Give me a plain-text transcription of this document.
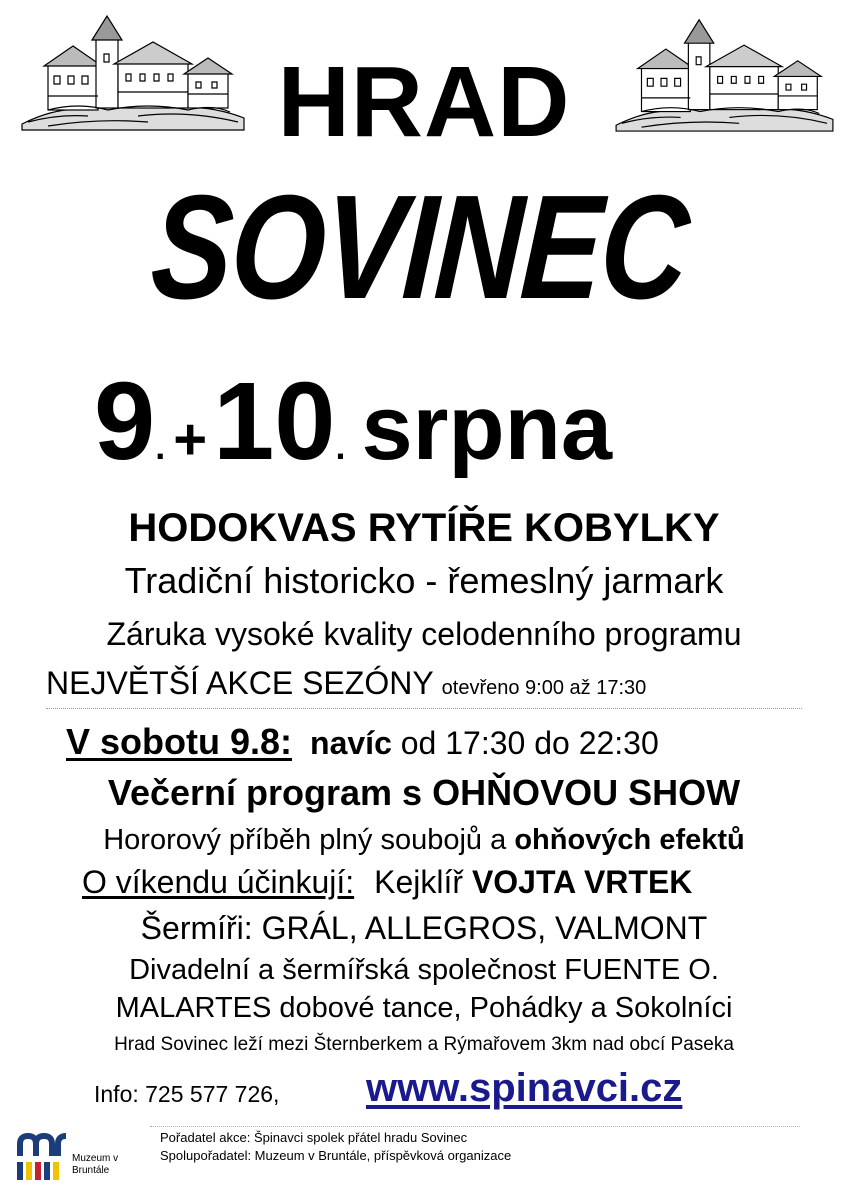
HRAD
SOVINEC
9. +10. srpna
HODOKVAS RYTÍŘE KOBYLKY
Tradiční historicko - řemeslný jarmark
Záruka vysoké kvality celodenního programu
NEJVĚTŠÍ AKCE SEZÓNY otevřeno 9:00 až 17:30
V sobotu 9.8: navíc od 17:30 do 22:30
Večerní program s OHŇOVOU SHOW
Hororový příběh plný soubojů a ohňových efektů
O víkendu účinkují: Kejklíř VOJTA VRTEK
Šermíři: GRÁL, ALLEGROS, VALMONT
Divadelní a šermířská společnost FUENTE O.
MALARTES dobové tance, Pohádky a Sokolníci
Hrad Sovinec leží mezi Šternberkem a Rýmařovem 3km nad obcí Paseka
Info: 725 577 726, www.spinavci.cz
Muzeum v Bruntále
Pořadatel akce: Špinavci spolek přátel hradu Sovinec
Spolupořadatel: Muzeum v Bruntále, příspěvková organizace
